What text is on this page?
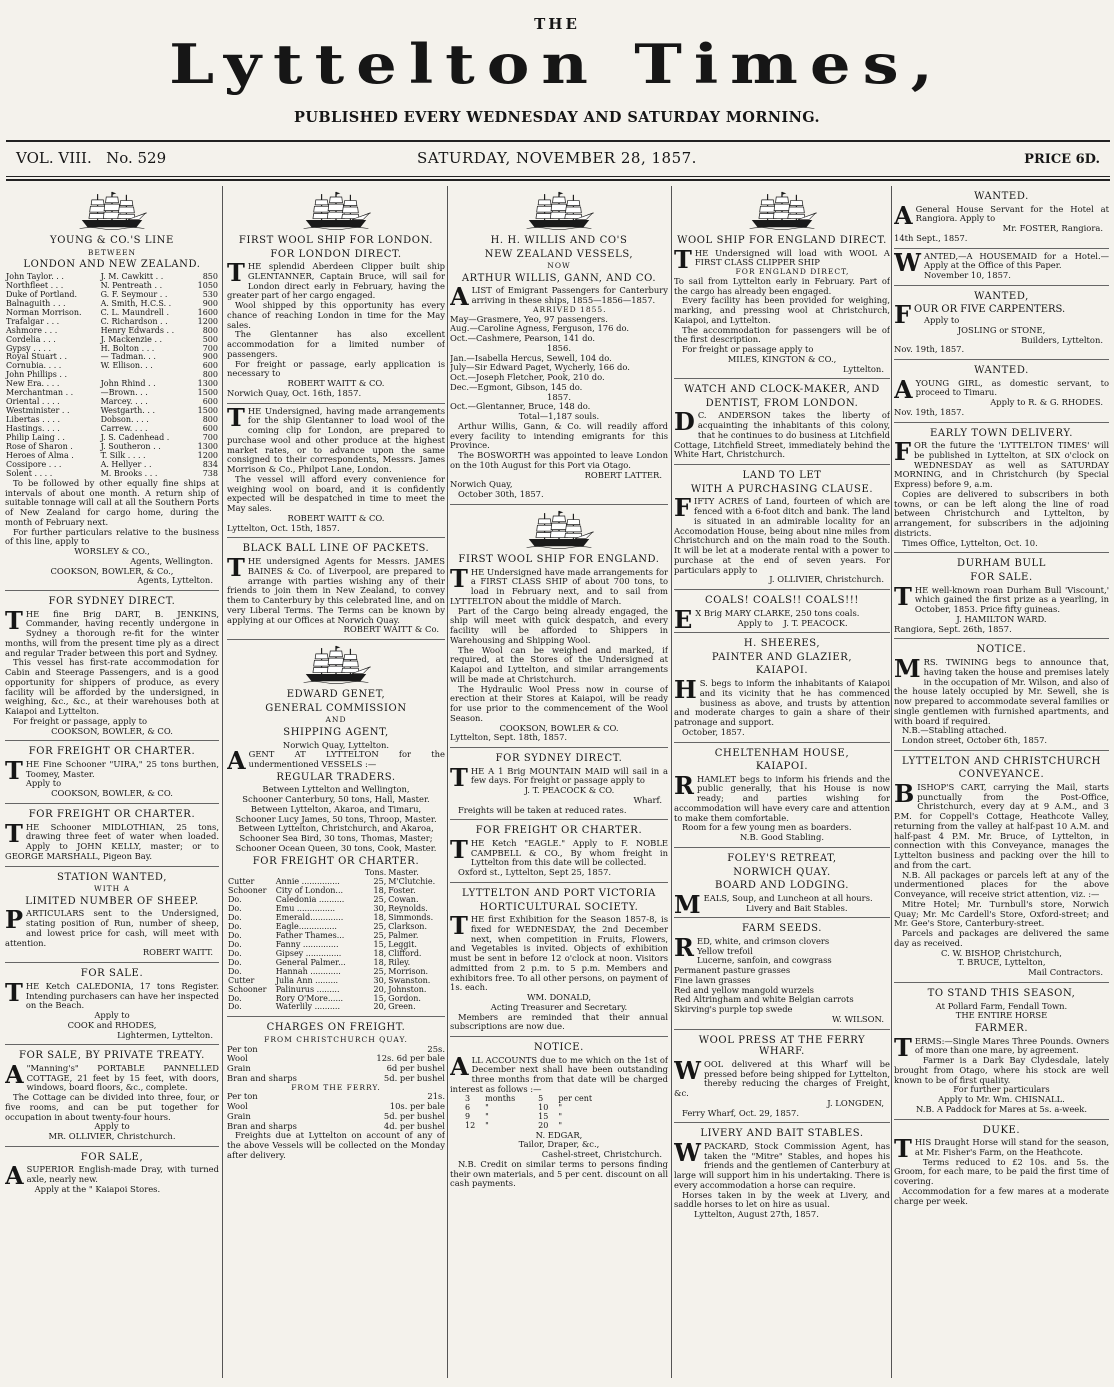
THE
Lyttelton Times,
PUBLISHED EVERY WEDNESDAY AND SATURDAY MORNING.
VOL. VIII. No. 529	SATURDAY, NOVEMBER 28, 1857.	PRICE 6D.
YOUNG & CO.'S LINE
BETWEEN
LONDON AND NEW ZEALAND.
John Taylor. . .	J. M. Cawkitt . .	850
Northfleet . . .	N. Pentreath . .	1050
Duke of Portland.	G. F. Seymour . .	530
Balnaguith . . .	A. Smith, H.C.S. .	900
Norman Morrison.	C. L. Maundrell .	1600
Trafalgar . . .	C. Richardson . .	1200
Ashmore . . .	Henry Edwards . .	800
Cordelia . . .	J. Mackenzie . .	500
Gypsy . . . .	H. Bolton . . .	700
Royal Stuart . .	— Tadman. . .	900
Cornubia. . . .	W. Ellison. . .	600
John Phillips . .		800
New Era. . . .	John Rhind . .	1300
Merchantman . .	—Brown. . .	1500
Oriental . . . .	Marcey. . . .	600
Westminister . .	Westgarth. . .	1500
Libertas . . . .	Dobson. . . .	800
Hastings. . . .	Carrew. . . .	600
Philip Laing . .	J. S. Cadenhead .	700
Rose of Sharon .	J. Southeron . .	1300
Heroes of Alma .	T. Silk . . . .	1200
Cossipore . . .	A. Hellyer . .	834
Solent . . . .	M. Brooks . . .	738

To be followed by other equally fine ships at intervals of about one month. A return ship of suitable tonnage will call at all the Southern Ports of New Zealand for cargo home, during the month of February next.

For further particulars relative to the business of this line, apply to

WORSLEY & CO.,
Agents, Wellington.
COOKSON, BOWLER, & Co.,
Agents, Lyttelton.
FOR SYDNEY DIRECT.

THE fine Brig DART, B. JENKINS, Commander, having recently undergone in Sydney a thorough re-fit for the winter months, will from the present time ply as a direct and regular Trader between this port and Sydney.

This vessel has first-rate accommodation for Cabin and Steerage Passengers, and is a good opportunity for shippers of produce, as every facility will be afforded by the undersigned, in weighing, &c., &c., at their warehouses both at Kaiapoi and Lyttelton.

For freight or passage, apply to

COOKSON, BOWLER, & CO.
FOR FREIGHT OR CHARTER.

THE Fine Schooner "UIRA," 25 tons burthen, Toomey, Master.

Apply to
COOKSON, BOWLER, & CO.
FOR FREIGHT OR CHARTER.

THE Schooner MIDLOTHIAN, 25 tons, drawing three feet of water when loaded. Apply to JOHN KELLY, master; or to GEORGE MARSHALL, Pigeon Bay.

STATION WANTED,
WITH A
LIMITED NUMBER OF SHEEP.

PARTICULARS sent to the Undersigned, stating position of Run, number of sheep, and lowest price for cash, will meet with attention.

ROBERT WAITT.
FOR SALE.

THE Ketch CALEDONIA, 17 tons Register. Intending purchasers can have her inspected on the Beach.

Apply to
COOK and RHODES,
Lightermen, Lyttelton.
FOR SALE, BY PRIVATE TREATY.

A "Manning's" PORTABLE PANNELLED COTTAGE, 21 feet by 15 feet, with doors, windows, board floors, &c., complete.

The Cottage can be divided into three, four, or five rooms, and can be put together for occupation in about twenty-four hours.

Apply to
MR. OLLIVIER, Christchurch.
FOR SALE,

ASUPERIOR English-made Dray, with turned axle, nearly new.

Apply at the " Kaiapoi Stores.

FIRST WOOL SHIP FOR LONDON.
FOR LONDON DIRECT.

THE splendid Aberdeen Clipper built ship GLENTANNER, Captain Bruce, will sail for London direct early in February, having the greater part of her cargo engaged.

Wool shipped by this opportunity has every chance of reaching London in time for the May sales.

The Glentanner has also excellent accommodation for a limited number of passengers.

For freight or passage, early application is necessary to

ROBERT WAITT & CO.
Norwich Quay, Oct. 16th, 1857.

THE Undersigned, having made arrangements for the ship Glentanner to load wool of the coming clip for London, are prepared to purchase wool and other produce at the highest market rates, or to advance upon the same consigned to their correspondents, Messrs. James Morrison & Co., Philpot Lane, London.

The vessel will afford every convenience for weighing wool on board, and it is confidently expected will be despatched in time to meet the May sales.

ROBERT WAITT & CO.
Lyttelton, Oct. 15th, 1857.
BLACK BALL LINE OF PACKETS.

THE undersigned Agents for Messrs. JAMES BAINES & Co. of Liverpool, are prepared to arrange with parties wishing any of their friends to join them in New Zealand, to convey them to Canterbury by this celebrated line, and on very Liberal Terms. The Terms can be known by applying at our Offices at Norwich Quay.

ROBERT WAITT & Co.
EDWARD GENET,
GENERAL COMMISSION
AND
SHIPPING AGENT,
Norwich Quay, Lyttelton.

AGENT AT LYTTELTON for the undermentioned VESSELS :—

REGULAR TRADERS.
Between Lyttelton and Wellington,
Schooner Canterbury, 50 tons, Hall, Master.
Between Lyttelton, Akaroa, and Timaru,
Schooner Lucy James, 50 tons, Throop, Master.
Between Lyttelton, Christchurch, and Akaroa,
Schooner Sea Bird, 30 tons, Thomas, Master;
Schooner Ocean Queen, 30 tons, Cook, Master.
FOR FREIGHT OR CHARTER.
		Tons.	Master.
Cutter	Annie ...............	25,	M'Clutchie.
Schooner	City of London...	18,	Foster.
Do.	Caledonia ..........	25,	Cowan.
Do.	Emu ...............	30,	Reynolds.
Do.	Emerald.............	18,	Simmonds.
Do.	Eagle...............	25,	Clarkson.
Do.	Father Thames...	25,	Palmer.
Do.	Fanny ..............	15,	Leggit.
Do.	Gipsey ..............	18,	Clifford.
Do.	General Palmer...	18,	Riley.
Do.	Hannah ............	25,	Morrison.
Cutter	Julia Ann .........	30,	Swanston.
Schooner	Palinurus .........	20,	Johnston.
Do.	Rory O'More......	15,	Gordon.
Do.	Waterlily ..........	20,	Green.
CHARGES ON FREIGHT.
FROM CHRISTCHURCH QUAY.
Per ton	25s.
Wool	12s. 6d per bale
Grain	6d per bushel
Bran and sharps	5d. per bushel
FROM THE FERRY.
Per ton	21s.
Wool	10s. per bale
Grain	5d. per bushel
Bran and sharps	4d. per bushel

Freights due at Lyttelton on account of any of the above Vessels will be collected on the Monday after delivery.

H. H. WILLIS AND CO'S
NEW ZEALAND VESSELS,
NOW
ARTHUR WILLIS, GANN, AND CO.

ALIST of Emigrant Passengers for Canterbury arriving in these ships, 1855—1856—1857.

ARRIVED 1855.
May—Grasmere, Yeo, 97 passengers.
Aug.—Caroline Agness, Ferguson, 176 do.
Oct.—Cashmere, Pearson, 141 do.
1856.
Jan.—Isabella Hercus, Sewell, 104 do.
July—Sir Edward Paget, Wycherly, 166 do.
Oct.—Joseph Fletcher, Pook, 210 do.
Dec.—Egmont, Gibson, 145 do.
1857.
Oct.—Glentanner, Bruce, 148 do.
Total—1,187 souls.

Arthur Willis, Gann, & Co. will readily afford every facility to intending emigrants for this Province.

The BOSWORTH was appointed to leave London on the 10th August for this Port via Otago.

ROBERT LATTER.
Norwich Quay,
October 30th, 1857.
FIRST WOOL SHIP FOR ENGLAND.

THE Undersigned have made arrangements for a FIRST CLASS SHIP of about 700 tons, to load in February next, and to sail from LYTTELTON about the middle of March.

Part of the Cargo being already engaged, the ship will meet with quick despatch, and every facility will be afforded to Shippers in Warehousing and Shipping Wool.

The Wool can be weighed and marked, if required, at the Stores of the Undersigned at Kaiapoi and Lyttelton, and similar arrangements will be made at Christchurch.

The Hydraulic Wool Press now in course of erection at their Stores at Kaiapoi, will be ready for use prior to the commencement of the Wool Season.

COOKSON, BOWLER & CO.
Lyttelton, Sept. 18th, 1857.
FOR SYDNEY DIRECT.

THE A 1 Brig MOUNTAIN MAID will sail in a few days. For freight or passage apply to

J. T. PEACOCK & CO.
Wharf.

Freights will be taken at reduced rates.

FOR FREIGHT OR CHARTER.

THE Ketch "EAGLE." Apply to F. NOBLE CAMPBELL & CO., By whom freight in Lyttelton from this date will be collected.

Oxford st., Lyttelton, Sept 25, 1857.
LYTTELTON AND PORT VICTORIA
HORTICULTURAL SOCIETY.

THE first Exhibition for the Season 1857-8, is fixed for WEDNESDAY, the 2nd December next, when competition in Fruits, Flowers, and Vegetables is invited. Objects of exhibition must be sent in before 12 o'clock at noon. Visitors admitted from 2 p.m. to 5 p.m. Members and exhibitors free. To all other persons, on payment of 1s. each.

WM. DONALD,
Acting Treasurer and Secretary.

Members are reminded that their annual subscriptions are now due.

NOTICE.

ALL ACCOUNTS due to me which on the 1st of December next shall have been outstanding three months from that date will be charged interest as follows :—

3	months	5	per cent
6	"	10	"
9	"	15	"
12	"	20	"
N. EDGAR,
Tailor, Draper, &c.,
Cashel-street, Christchurch.

N.B. Credit on similar terms to persons finding their own materials, and 5 per cent. discount on all cash payments.

WOOL SHIP FOR ENGLAND DIRECT.

THE Undersigned will load with WOOL A FIRST CLASS CLIPPER SHIP

FOR ENGLAND DIRECT,

To sail from Lyttelton early in February. Part of the cargo has already been engaged.

Every facility has been provided for weighing, marking, and pressing wool at Christchurch, Kaiapoi, and Lyttelton.

The accommodation for passengers will be of the first description.

For freight or passage apply to

MILES, KINGTON & CO.,
Lyttelton.
WATCH AND CLOCK-MAKER, AND
DENTIST, FROM LONDON.

D C. ANDERSON takes the liberty of acquainting the inhabitants of this colony, that he continues to do business at Litchfield Cottage, Litchfield Street, immediately behind the White Hart, Christchurch.

LAND TO LET
WITH A PURCHASING CLAUSE.

FIFTY ACRES of Land, fourteen of which are fenced with a 6-foot ditch and bank. The land is situated in an admirable locality for an Accomodation House, being about nine miles from Christchurch and on the main road to the South. It will be let at a moderate rental with a power to purchase at the end of seven years. For particulars apply to

J. OLLIVIER, Christchurch.
COALS! COALS!! COALS!!!

E X Brig MARY CLARKE, 250 tons coals.

Apply to J. T. PEACOCK.
H. SHEERES,
PAINTER AND GLAZIER,
KAIAPOI.

H S. begs to inform the inhabitants of Kaiapoi and its vicinity that he has commenced business as above, and trusts by attention and moderate charges to gain a share of their patronage and support.

October, 1857.
CHELTENHAM HOUSE,
KAIAPOI.

RHAMLET begs to inform his friends and the public generally, that his House is now ready; and parties wishing for accommodation will have every care and attention to make them comfortable.

Room for a few young men as boarders.

N.B. Good Stabling.
FOLEY'S RETREAT,
NORWICH QUAY.
BOARD AND LODGING.

MEALS, Soup, and Luncheon at all hours.

Livery and Bait Stables.
FARM SEEDS.

RED, white, and crimson clovers

Yellow trefoil
Lucerne, sanfoin, and cowgrass
Permanent pasture grasses
Fine lawn grasses
Red and yellow mangold wurzels
Red Altringham and white Belgian carrots
Skirving's purple top swede
W. WILSON.
WOOL PRESS AT THE FERRY WHARF.

WOOL delivered at this Wharf will be pressed before being shipped for Lyttelton, thereby reducing the charges of Freight, &c.

J. LONGDEN,
Ferry Wharf, Oct. 29, 1857.
LIVERY AND BAIT STABLES.

WPACKARD, Stock Commission Agent, has taken the "Mitre" Stables, and hopes his friends and the gentlemen of Canterbury at large will support him in his undertaking. There is every accommodation a horse can require.

Horses taken in by the week at Livery, and saddle horses to let on hire as usual.

Lyttelton, August 27th, 1857.
WANTED.

A General House Servant for the Hotel at Rangiora. Apply to

Mr. FOSTER, Rangiora.
14th Sept., 1857.

WANTED,—A HOUSEMAID for a Hotel.—Apply at the Office of this Paper.

November 10, 1857.
WANTED,

FOUR OR FIVE CARPENTERS.

Apply to
JOSLING or STONE,
Builders, Lyttelton.
Nov. 19th, 1857.
WANTED.

AYOUNG GIRL, as domestic servant, to proceed to Timaru.

Apply to R. & G. RHODES.
Nov. 19th, 1857.
EARLY TOWN DELIVERY.

FOR the future the 'LYTTELTON TIMES' will be published in Lyttelton, at SIX o'clock on WEDNESDAY as well as SATURDAY MORNING, and in Christchurch (by Special Express) before 9, a.m.

Copies are delivered to subscribers in both towns, or can be left along the line of road between Christchurch and Lyttelton, by arrangement, for subscribers in the adjoining districts.

Times Office, Lyttelton, Oct. 10.
DURHAM BULL
FOR SALE.

THE well-known roan Durham Bull 'Viscount,' which gained the first prize as a yearling, in October, 1853. Price fifty guineas.

J. HAMILTON WARD.
Rangiora, Sept. 26th, 1857.
NOTICE.

MRS. TWINING begs to announce that, having taken the house and premises lately in the occupation of Mr. Wilson, and also of the house lately occupied by Mr. Sewell, she is now prepared to accommodate several families or single gentlemen with furnished apartments, and with board if required.

N.B.—Stabling attached.

London street, October 6th, 1857.

LYTTELTON AND CHRISTCHURCH
CONVEYANCE.

BISHOP'S CART, carrying the Mail, starts punctually from the Post-Office, Christchurch, every day at 9 A.M., and 3 P.M. for Coppell's Cottage, Heathcote Valley, returning from the valley at half-past 10 A.M. and half-past 4 P.M. Mr. Bruce, of Lyttelton, in connection with this Conveyance, manages the Lyttelton business and packing over the hill to and from the cart.

N.B. All packages or parcels left at any of the undermentioned places for the above Conveyance, will receive strict attention, viz. :—

Mitre Hotel; Mr. Turnbull's store, Norwich Quay; Mr. Mc Cardell's Store, Oxford-street; and Mr. Gee's Store, Canterbury-street.

Parcels and packages are delivered the same day as received.

C. W. BISHOP, Christchurch,
T. BRUCE, Lyttelton,
Mail Contractors.
TO STAND THIS SEASON,
At Pollard Farm, Fendall Town.
THE ENTIRE HORSE
FARMER.

TERMS:—Single Mares Three Pounds. Owners of more than one mare, by agreement.

Farmer is a Dark Bay Clydesdale, lately brought from Otago, where his stock are well known to be of first quality.

For further particulars
Apply to Mr. Wm. CHISNALL.
N.B. A Paddock for Mares at 5s. a-week.
DUKE.

THIS Draught Horse will stand for the season, at Mr. Fisher's Farm, on the Heathcote.

Terms reduced to £2 10s. and 5s. the Groom, for each mare, to be paid the first time of covering.

Accommodation for a few mares at a moderate charge per week.
